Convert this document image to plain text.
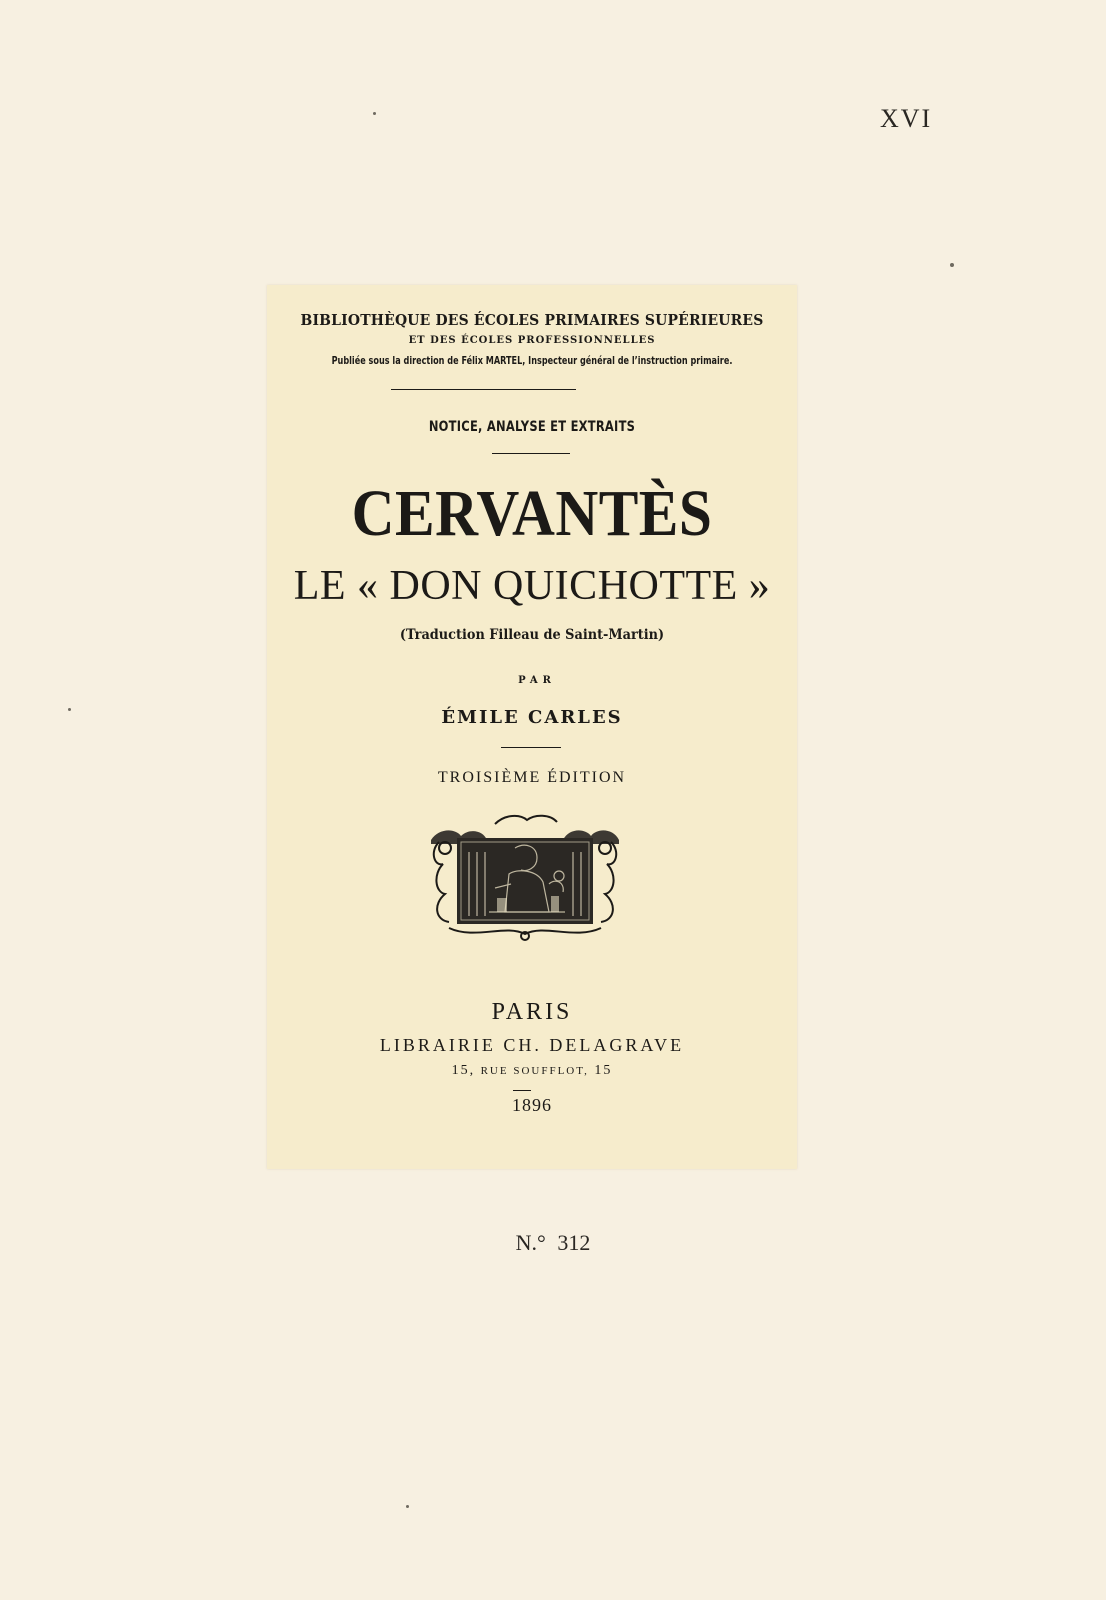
XVI
BIBLIOTHÈQUE DES ÉCOLES PRIMAIRES SUPÉRIEURES
ET DES ÉCOLES PROFESSIONNELLES
Publiée sous la direction de Félix MARTEL, Inspecteur général de l’instruction primaire.
NOTICE, ANALYSE ET EXTRAITS
CERVANTÈS
LE « DON QUICHOTTE »
(Traduction Filleau de Saint-Martin)
PAR
ÉMILE CARLES
TROISIÈME ÉDITION
PARIS
LIBRAIRIE CH. DELAGRAVE
15, RUE SOUFFLOT, 15
1896
N.° 312
